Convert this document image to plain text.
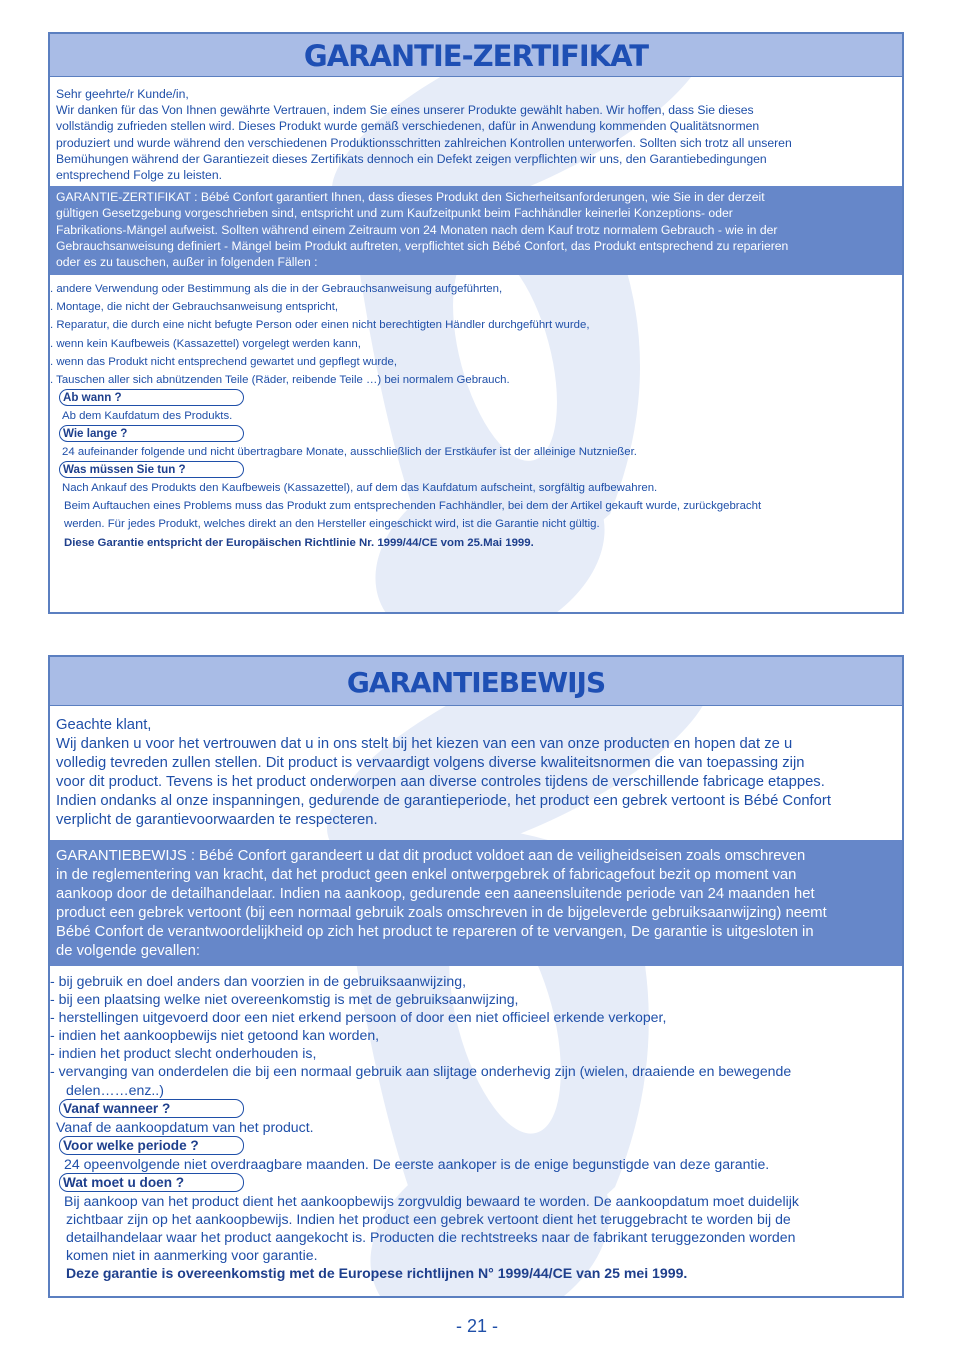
GARANTIE-ZERTIFIKAT

Sehr geehrte/r Kunde/in,

Wir danken für das Von Ihnen gewährte Vertrauen, indem Sie eines unserer Produkte gewählt haben. Wir hoffen, dass Sie dieses

vollständig zufrieden stellen wird. Dieses Produkt wurde gemäß verschiedenen, dafür in Anwendung kommenden Qualitätsnormen

produziert und wurde während den verschiedenen Produktionsschritten zahlreichen Kontrollen unterworfen. Sollten sich trotz all unseren

Bemühungen während der Garantiezeit dieses Zertifikats dennoch ein Defekt zeigen verpflichten wir uns, den Garantiebedingungen

entsprechend Folge zu leisten.

GARANTIE-ZERTIFIKAT : Bébé Confort garantiert Ihnen, dass dieses Produkt den Sicherheitsanforderungen, wie Sie in der derzeit

gültigen Gesetzgebung vorgeschrieben sind, entspricht und zum Kaufzeitpunkt beim Fachhändler keinerlei Konzeptions- oder

Fabrikations-Mängel aufweist. Sollten während einem Zeitraum von 24 Monaten nach dem Kauf trotz normalem Gebrauch - wie in der

Gebrauchsanweisung definiert - Mängel beim Produkt auftreten, verpflichtet sich Bébé Confort, das Produkt entsprechend zu reparieren

oder es zu tauschen, außer in folgenden Fällen :

. andere Verwendung oder Bestimmung als die in der Gebrauchsanweisung aufgeführten,

. Montage, die nicht der Gebrauchsanweisung entspricht,

. Reparatur, die durch eine nicht befugte Person oder einen nicht berechtigten Händler durchgeführt wurde,

. wenn kein Kaufbeweis (Kassazettel) vorgelegt werden kann,

. wenn das Produkt nicht entsprechend gewartet und gepflegt wurde,

. Tauschen aller sich abnützenden Teile (Räder, reibende Teile …) bei normalem Gebrauch.

Ab wann ?

Ab dem Kaufdatum des Produkts.

Wie lange ?

24 aufeinander folgende und nicht übertragbare Monate, ausschließlich der Erstkäufer ist der alleinige Nutznießer.

Was müssen Sie tun ?

Nach Ankauf des Produkts den Kaufbeweis (Kassazettel), auf dem das Kaufdatum aufscheint, sorgfältig aufbewahren.

Beim Auftauchen eines Problems muss das Produkt zum entsprechenden Fachhändler, bei dem der Artikel gekauft wurde, zurückgebracht

werden. Für jedes Produkt, welches direkt an den Hersteller eingeschickt wird, ist die Garantie nicht gültig.

Diese Garantie entspricht der Europäischen Richtlinie Nr. 1999/44/CE vom 25.Mai 1999.

GARANTIEBEWIJS

Geachte klant,

Wij danken u voor het vertrouwen dat u in ons stelt bij het kiezen van een van onze producten en hopen dat ze u

volledig tevreden zullen stellen. Dit product is vervaardigt volgens diverse kwaliteitsnormen die van toepassing zijn

voor dit product. Tevens is het product onderworpen aan diverse controles tijdens de verschillende fabricage etappes.

Indien ondanks al onze inspanningen, gedurende de garantieperiode, het product een gebrek vertoont is Bébé Confort

verplicht de garantievoorwaarden te respecteren.

GARANTIEBEWIJS : Bébé Confort garandeert u dat dit product voldoet aan de veiligheidseisen zoals omschreven

in de reglementering van kracht, dat het product geen enkel ontwerpgebrek of fabricagefout bezit op moment van

aankoop door de detailhandelaar. Indien na aankoop, gedurende een aaneensluitende periode van 24 maanden het

product een gebrek vertoont (bij een normaal gebruik zoals omschreven in de bijgeleverde gebruiksaanwijzing) neemt

Bébé Confort de verantwoordelijkheid op zich het product te repareren of te vervangen, De garantie is uitgesloten in

de volgende gevallen:

- bij gebruik en doel anders dan voorzien in de gebruiksaanwijzing,

- bij een plaatsing welke niet overeenkomstig is met de gebruiksaanwijzing,

- herstellingen uitgevoerd door een niet erkend persoon of door een niet officieel erkende verkoper,

- indien het aankoopbewijs niet getoond kan worden,

- indien het product slecht onderhouden is,

- vervanging van onderdelen die bij een normaal gebruik aan slijtage onderhevig zijn (wielen, draaiende en bewegende

delen……enz..)

Vanaf wanneer ?

Vanaf de aankoopdatum van het product.

Voor welke periode ?

24 opeenvolgende niet overdraagbare maanden. De eerste aankoper is de enige begunstigde van deze garantie.

Wat moet u doen ?

Bij aankoop van het product dient het aankoopbewijs zorgvuldig bewaard te worden. De aankoopdatum moet duidelijk

zichtbaar zijn op het aankoopbewijs. Indien het product een gebrek vertoont dient het teruggebracht te worden bij de

detailhandelaar waar het product aangekocht is. Producten die rechtstreeks naar de fabrikant teruggezonden worden

komen niet in aanmerking voor garantie.

Deze garantie is overeenkomstig met de Europese richtlijnen N° 1999/44/CE van 25 mei 1999.

- 21 -
